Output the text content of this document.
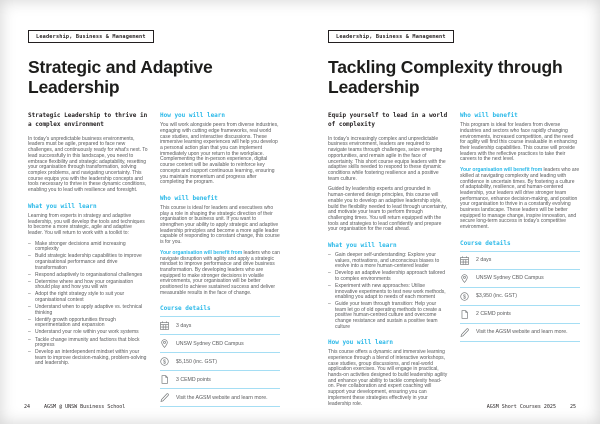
Leadership, Business & Management
Strategic and Adaptive Leadership

Strategic Leadership to thrive in a complex environment

In today's unpredictable business environments, leaders must be agile, prepared to face new challenges, and continuously ready for what's next. To lead successfully in this landscape, you need to embrace flexibility and strategic adaptability, resetting your organisation through transformation, solving complex problems, and navigating uncertainty. This course equips you with the leadership concepts and tools necessary to thrive in these dynamic conditions, enabling you to lead with resilience and foresight.

What you will learn

Learning from experts in strategy and adaptive leadership, you will develop the tools and techniques to become a more strategic, agile and adaptive leader. You will return to work with a toolkit to:

– Make stronger decisions amid increasing complexity
– Build strategic leadership capabilities to improve organisational performance and drive transformation
– Respond adaptively to organisational challenges
– Determine where and how your organisation should play and how you will win
– Adopt the right strategy style to suit your organisational context
– Understand when to apply adaptive vs. technical thinking
– Identify growth opportunities through experimentation and expansion
– Understand your role within your work systems
– Tackle change immunity and factions that block progress
– Develop an interdependent mindset within your team to improve decision-making, problem-solving and leadership.
How you will learn

You will work alongside peers from diverse industries, engaging with cutting edge frameworks, real world case studies, and interactive discussions. These immersive learning experiences will help you develop a personal action plan that you can implement immediately upon your return to the workplace. Complementing the in-person experience, digital course content will be available to reinforce key concepts and support continuous learning, ensuring you maintain momentum and progress after completing the program.

Who will benefit

This course is ideal for leaders and executives who play a role in shaping the strategic direction of their organisation or business unit. If you want to strengthen your ability to apply strategic and adaptive leadership principles and become a more agile leader capable of responding to constant change, this course is for you.

Your organisation will benefit from leaders who can navigate disruption with agility and apply a strategic mindset to improve performance and drive business transformation. By developing leaders who are equipped to make stronger decisions in volatile environments, your organisation will be better positioned to achieve sustained success and deliver measurable results in the face of change.

Course details
3 days
UNSW Sydney CBD Campus
$ $5,150 (inc. GST)
3 CEMD points
Visit the AGSM website and learn more.
24	AGSM @ UNSW Business School
Leadership, Business & Management
Tackling Complexity through Leadership

Equip yourself to lead in a world of complexity

In today's increasingly complex and unpredictable business environment, leaders are required to navigate teams through challenges, seize emerging opportunities, and remain agile in the face of uncertainty. This short course equips leaders with the adaptive skills needed to respond to these dynamic conditions while fostering resilience and a positive team culture.

Guided by leadership experts and grounded in human-centered design principles, this course will enable you to develop an adaptive leadership style, build the flexibility needed to lead through uncertainty, and motivate your team to perform through challenging times. You will return equipped with the tools and strategies to lead confidently and prepare your organisation for the road ahead.

What you will learn
– Gain deeper self-understanding: Explore your values, motivations, and unconscious biases to evolve into a more human-centered leader
– Develop an adaptive leadership approach tailored to complex environments
– Experiment with new approaches: Utilise innovative experiments to test new work methods, enabling you adapt to needs of each moment
– Guide your team through transition: Help your team let go of old operating methods to create a positive human-centred culture and overcome change resistance and sustain a positive team culture
How you will learn

This course offers a dynamic and immersive learning experience through a blend of interactive workshops, case studies, group discussions, and real-world application exercises. You will engage in practical, hands-on activities designed to build leadership agility and enhance your ability to tackle complexity head-on. Peer collaboration and expert coaching will support your development, ensuring you can implement these strategies effectively in your leadership role.

Who will benefit

This program is ideal for leaders from diverse industries and sectors who face rapidly changing environments, increased competition, and the need for agility will find this course invaluable in enhancing their leadership capabilities. This course will provide leaders with the reflective practices to take their careers to the next level.

Your organisation will benefit from leaders who are skilled at navigating complexity and leading with confidence in uncertain times. By fostering a culture of adaptability, resilience, and human-centered leadership, your leaders will drive stronger team performance, enhance decision-making, and position your organisation to thrive in a constantly evolving business landscape. These leaders will be better equipped to manage change, inspire innovation, and secure long-term success in today's competitive environment.

Course details
2 days
UNSW Sydney CBD Campus
$ $3,950 (inc. GST)
2 CEMD points
Visit the AGSM website and learn more.
AGSM Short Courses 2025	25
